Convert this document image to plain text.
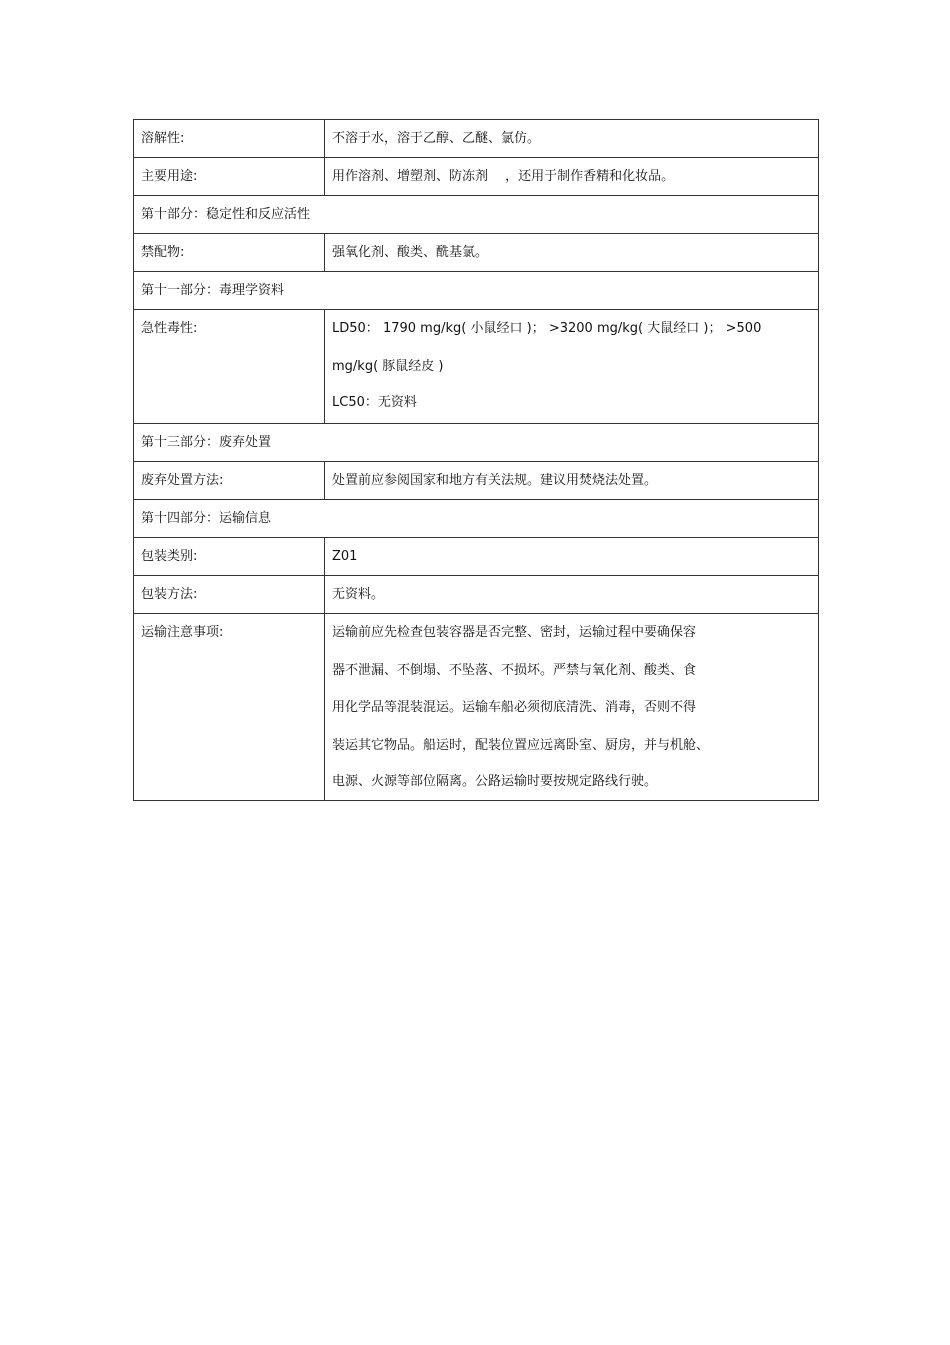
溶解性:	不溶于水，溶于乙醇、乙醚、氯仿。
主要用途:	用作溶剂、增塑剂、防冻剂　 ，还用于制作香精和化妆品。
第十部分：稳定性和反应活性	
禁配物:	强氧化剂、酸类、酰基氯。
第十一部分：毒理学资料	
急性毒性:	LD50： 1790 mg/kg( 小鼠经口 )； >3200 mg/kg( 大鼠经口 )； >500
mg/kg( 豚鼠经皮 )
LC50：无资料

第十三部分：废弃处置	
废弃处置方法:	处置前应参阅国家和地方有关法规。建议用焚烧法处置。
第十四部分：运输信息	
包装类别:	Z01
包装方法:	无资料。
运输注意事项:	运输前应先检查包装容器是否完整、密封，运输过程中要确保容
器不泄漏、不倒塌、不坠落、不损坏。严禁与氧化剂、酸类、食
用化学品等混装混运。运输车船必须彻底清洗、消毒，否则不得
装运其它物品。船运时，配装位置应远离卧室、厨房，并与机舱、
电源、火源等部位隔离。公路运输时要按规定路线行驶。
